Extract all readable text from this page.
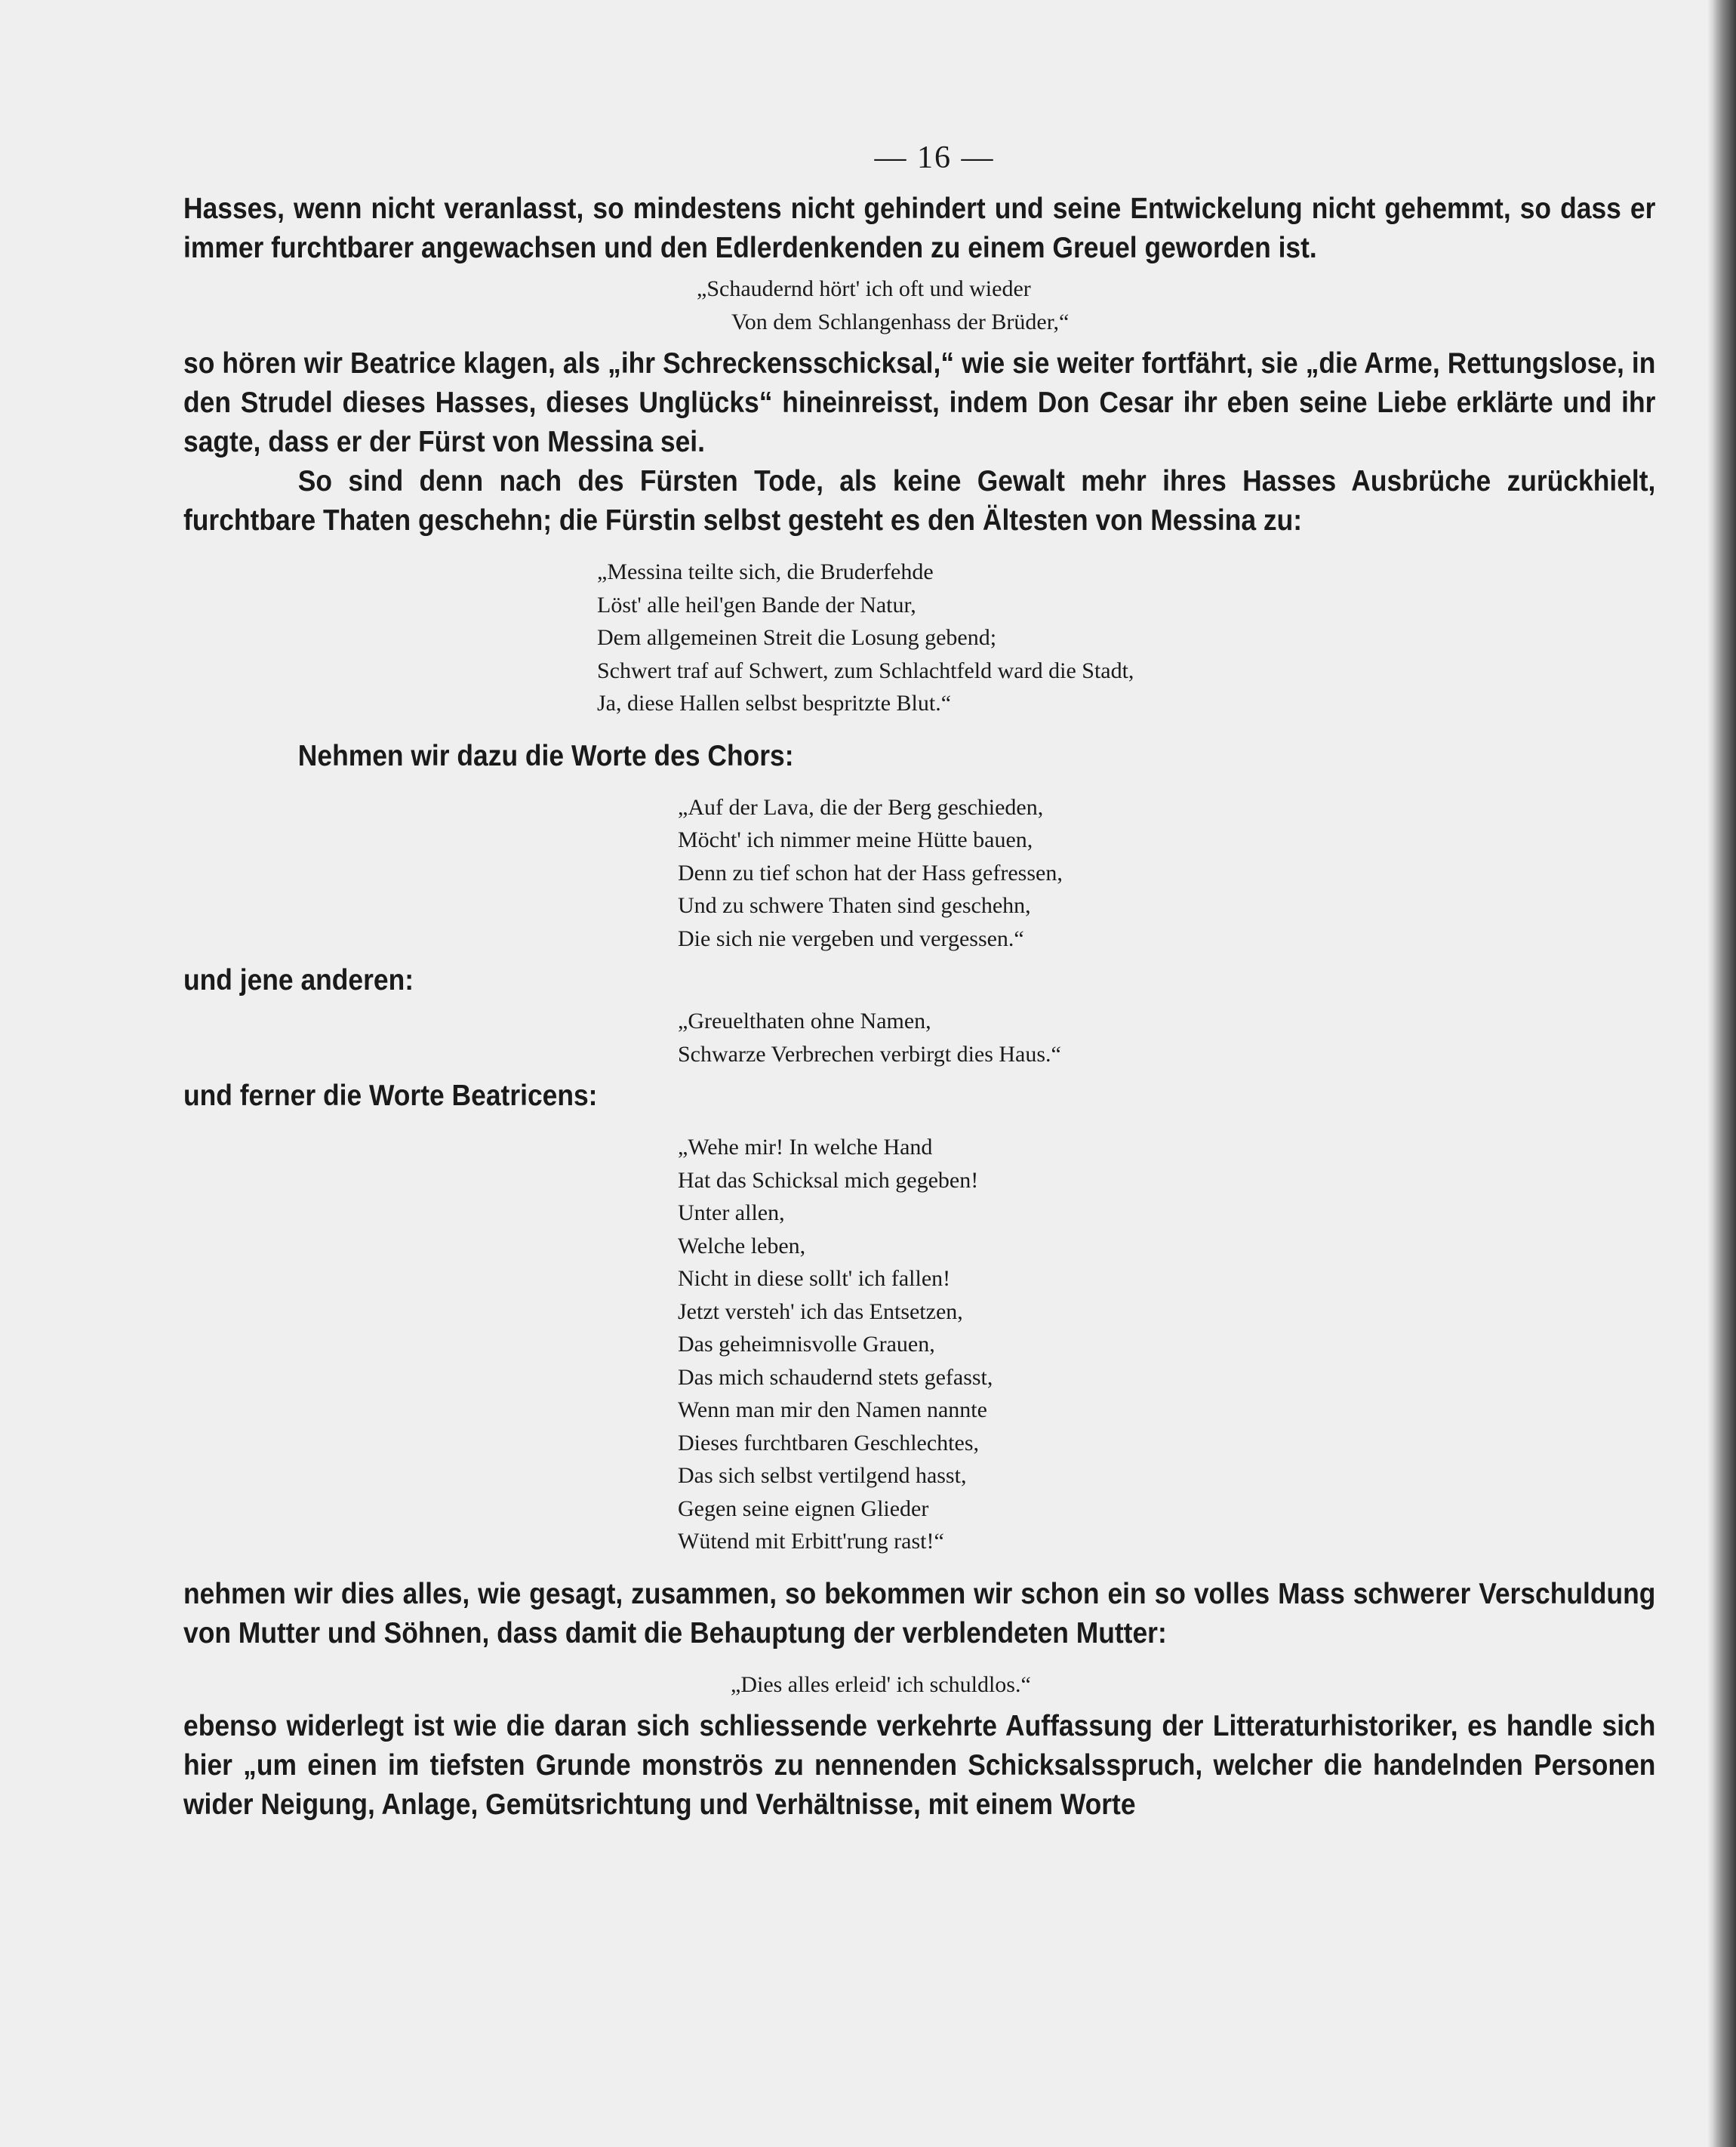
— 16 —

Hasses, wenn nicht veranlasst, so mindestens nicht gehindert und seine Entwickelung nicht gehemmt, so dass er immer furchtbarer angewachsen und den Edlerdenkenden zu einem Greuel geworden ist.

„Schaudernd hört' ich oft und wieder
Von dem Schlangenhass der Brüder,“

so hören wir Beatrice klagen, als „ihr Schreckensschicksal,“ wie sie weiter fortfährt, sie „die Arme, Rettungslose, in den Strudel dieses Hasses, dieses Unglücks“ hineinreisst, indem Don Cesar ihr eben seine Liebe erklärte und ihr sagte, dass er der Fürst von Messina sei.

So sind denn nach des Fürsten Tode, als keine Gewalt mehr ihres Hasses Ausbrüche zurückhielt, furchtbare Thaten geschehn; die Fürstin selbst gesteht es den Ältesten von Messina zu:

„Messina teilte sich, die Bruderfehde
Löst' alle heil'gen Bande der Natur,
Dem allgemeinen Streit die Losung gebend;
Schwert traf auf Schwert, zum Schlachtfeld ward die Stadt,
Ja, diese Hallen selbst bespritzte Blut.“

Nehmen wir dazu die Worte des Chors:

„Auf der Lava, die der Berg geschieden,
Möcht' ich nimmer meine Hütte bauen,
Denn zu tief schon hat der Hass gefressen,
Und zu schwere Thaten sind geschehn,
Die sich nie vergeben und vergessen.“

und jene anderen:

„Greuelthaten ohne Namen,
Schwarze Verbrechen verbirgt dies Haus.“

und ferner die Worte Beatricens:

„Wehe mir! In welche Hand
Hat das Schicksal mich gegeben!
Unter allen,
Welche leben,
Nicht in diese sollt' ich fallen!
Jetzt versteh' ich das Entsetzen,
Das geheimnisvolle Grauen,
Das mich schaudernd stets gefasst,
Wenn man mir den Namen nannte
Dieses furchtbaren Geschlechtes,
Das sich selbst vertilgend hasst,
Gegen seine eignen Glieder
Wütend mit Erbitt'rung rast!“

nehmen wir dies alles, wie gesagt, zusammen, so bekommen wir schon ein so volles Mass schwerer Verschuldung von Mutter und Söhnen, dass damit die Behauptung der verblendeten Mutter:

„Dies alles erleid' ich schuldlos.“

ebenso widerlegt ist wie die daran sich schliessende verkehrte Auffassung der Litteraturhistoriker, es handle sich hier „um einen im tiefsten Grunde monströs zu nennenden Schicksalsspruch, welcher die handelnden Personen wider Neigung, Anlage, Gemütsrichtung und Verhältnisse, mit einem Worte
